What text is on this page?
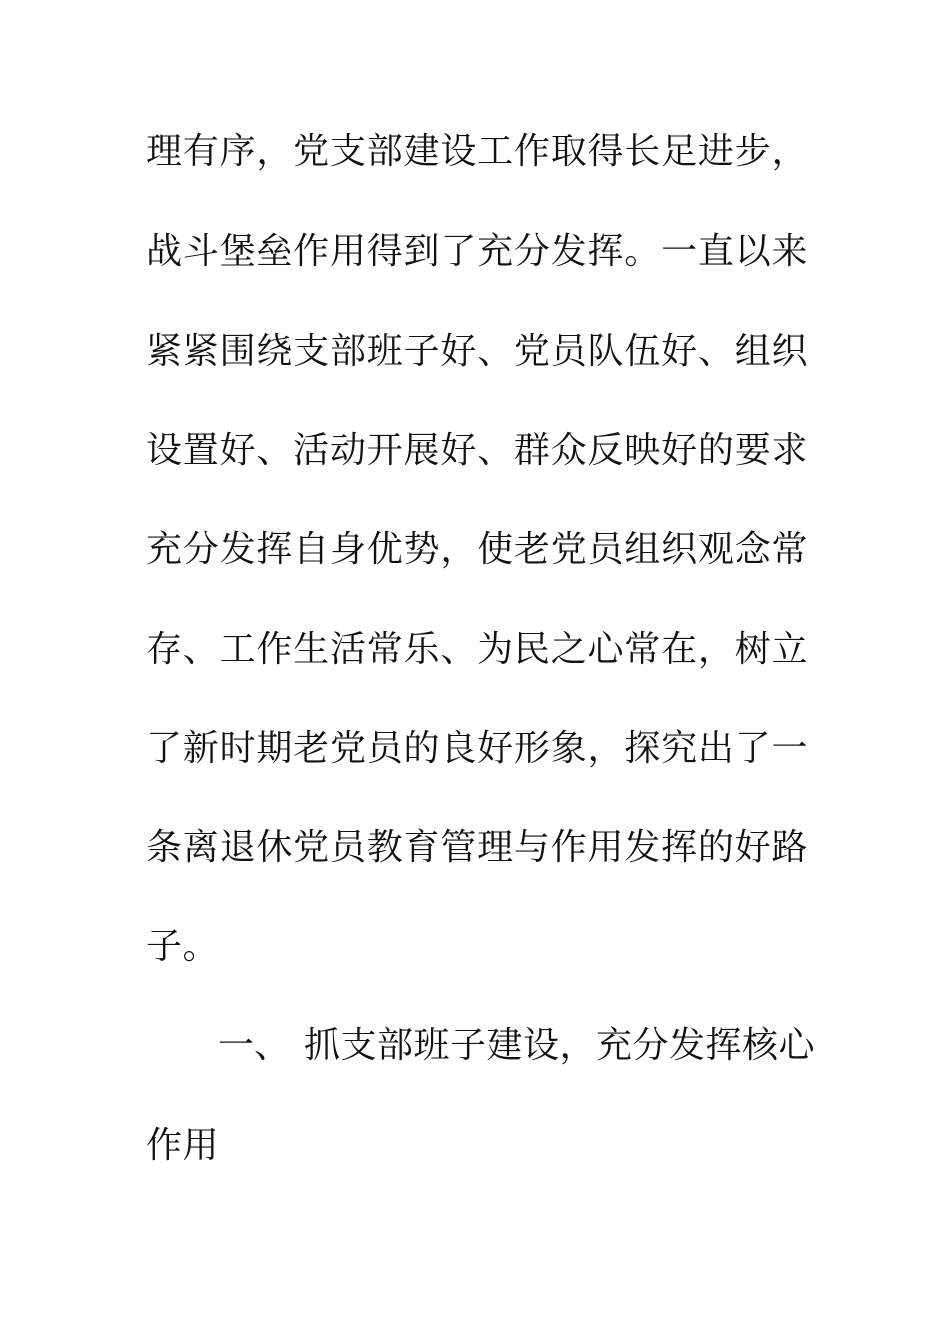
理有序，党支部建设工作取得长足进步，
战斗堡垒作用得到了充分发挥。一直以来
紧紧围绕支部班子好、党员队伍好、组织
设置好、活动开展好、群众反映好的要求
充分发挥自身优势，使老党员组织观念常
存、工作生活常乐、为民之心常在，树立
了新时期老党员的良好形象，探究出了一
条离退休党员教育管理与作用发挥的好路
子。
一、 抓支部班子建设，充分发挥核心
作用
